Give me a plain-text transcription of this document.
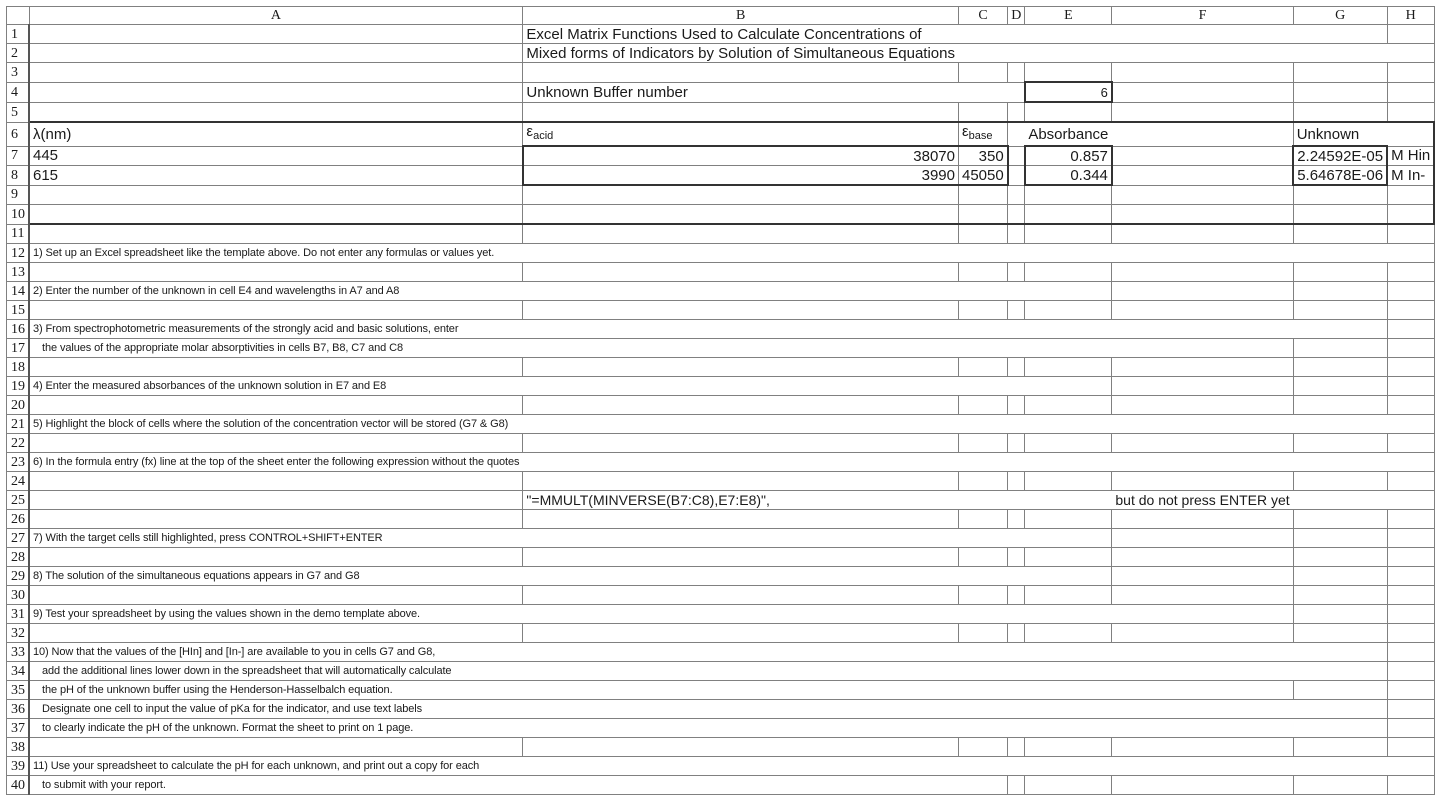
	A	B	C	D	E	F	G	H
1		Excel Matrix Functions Used to Calculate Concentrations of						
2		Mixed forms of Indicators by Solution of Simultaneous Equations						
3								
4		Unknown Buffer number			6			
5								
6	λ(nm)	$\varepsilon_{acid}$	$\varepsilon_{base}$		Absorbance		Unknown	
7	445	38070	350		0.857		2.24592E-05	M Hin
8	615	3990	45050		0.344		5.64678E-06	M In-
9								
10								
11								
12	1) Set up an Excel spreadsheet like the template above. Do not enter any formulas or values yet.							
13								
14	2) Enter the number of the unknown in cell E4 and wavelengths in A7 and A8							
15								
16	3) From spectrophotometric measurements of the strongly acid and basic solutions, enter							
17	the values of the appropriate molar absorptivities in cells B7, B8, C7 and C8							
18								
19	4) Enter the measured absorbances of the unknown solution in E7 and E8							
20								
21	5) Highlight the block of cells where the solution of the concentration vector will be stored (G7 & G8)							
22								
23	6) In the formula entry (fx) line at the top of the sheet enter the following expression without the quotes							
24								
25		"=MMULT(MINVERSE(B7:C8),E7:E8)",				but do not press ENTER yet		
26								
27	7) With the target cells still highlighted, press CONTROL+SHIFT+ENTER							
28								
29	8) The solution of the simultaneous equations appears in G7 and G8							
30								
31	9) Test your spreadsheet by using the values shown in the demo template above.							
32								
33	10) Now that the values of the [HIn] and [In-] are available to you in cells G7 and G8,							
34	add the additional lines lower down in the spreadsheet that will automatically calculate							
35	the pH of the unknown buffer using the Henderson-Hasselbalch equation.							
36	Designate one cell to input the value of pKa for the indicator, and use text labels							
37	to clearly indicate the pH of the unknown. Format the sheet to print on 1 page.							
38								
39	11) Use your spreadsheet to calculate the pH for each unknown, and print out a copy for each							
40	to submit with your report.							
